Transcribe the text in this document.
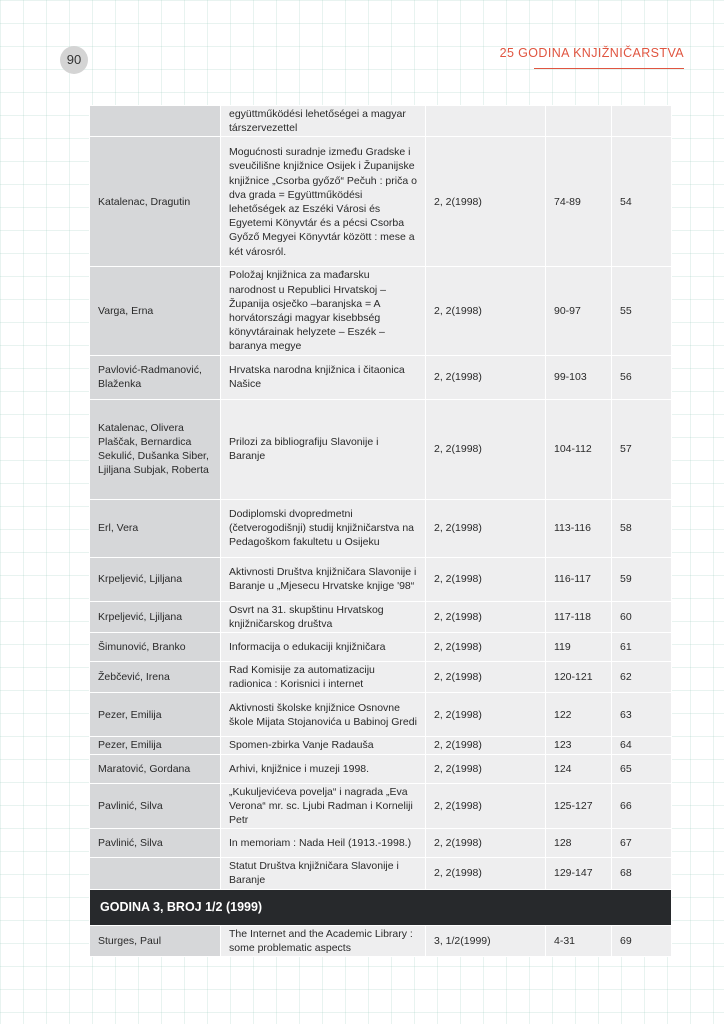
90	25 GODINA KNJIŽNIČARSTVA
	együttműködési lehetőségei a magyar társzervezettel			
Katalenac, Dragutin	Mogućnosti suradnje između Gradske i sveučilišne knjižnice Osijek i Županijske knjižnice „Csorba győző“ Pečuh : priča o dva grada = Együttműködési lehetőségek az Eszéki Városi és Egyetemi Könyvtár és a pécsi Csorba Győző Megyei Könyvtár között : mese a két városról.	2, 2(1998)	74-89	54
Varga, Erna	Položaj knjižnica za mađarsku narodnost u Republici Hrvatskoj – Županija osječko –baranjska = A horvátországi magyar kisebbség könyvtárainak helyzete – Eszék – baranya megye	2, 2(1998)	90-97	55
Pavlović-Radmanović, Blaženka	Hrvatska narodna knjižnica i čitaonica Našice	2, 2(1998)	99-103	56
Katalenac, Olivera Plaščak, Bernardica Sekulić, Dušanka Siber, Ljiljana Subjak, Roberta	Prilozi za bibliografiju Slavonije i Baranje	2, 2(1998)	104-112	57
Erl, Vera	Dodiplomski dvopredmetni (četverogodišnji) studij knjižničarstva na Pedagoškom fakultetu u Osijeku	2, 2(1998)	113-116	58
Krpeljević, Ljiljana	Aktivnosti Društva knjižničara Slavonije i Baranje u „Mjesecu Hrvatske knjige '98“	2, 2(1998)	116-117	59
Krpeljević, Ljiljana	Osvrt na 31. skupštinu Hrvatskog knjižničarskog društva	2, 2(1998)	117-118	60
Šimunović, Branko	Informacija o edukaciji knjižničara	2, 2(1998)	119	61
Žebčević, Irena	Rad Komisije za automatizaciju radionica : Korisnici i internet	2, 2(1998)	120-121	62
Pezer, Emilija	Aktivnosti školske knjižnice Osnovne škole Mijata Stojanovića u Babinoj Gredi	2, 2(1998)	122	63
Pezer, Emilija	Spomen-zbirka Vanje Radauša	2, 2(1998)	123	64
Maratović, Gordana	Arhivi, knjižnice i muzeji 1998.	2, 2(1998)	124	65
Pavlinić, Silva	„Kukuljevićeva povelja“ i nagrada „Eva Verona“ mr. sc. Ljubi Radman i Korneliji Petr	2, 2(1998)	125-127	66
Pavlinić, Silva	In memoriam : Nada Heil (1913.-1998.)	2, 2(1998)	128	67
	Statut Društva knjižničara Slavonije i Baranje	2, 2(1998)	129-147	68
GODINA 3, BROJ 1/2 (1999)				
Sturges, Paul	The Internet and the Academic Library : some problematic aspects	3, 1/2(1999)	4-31	69
